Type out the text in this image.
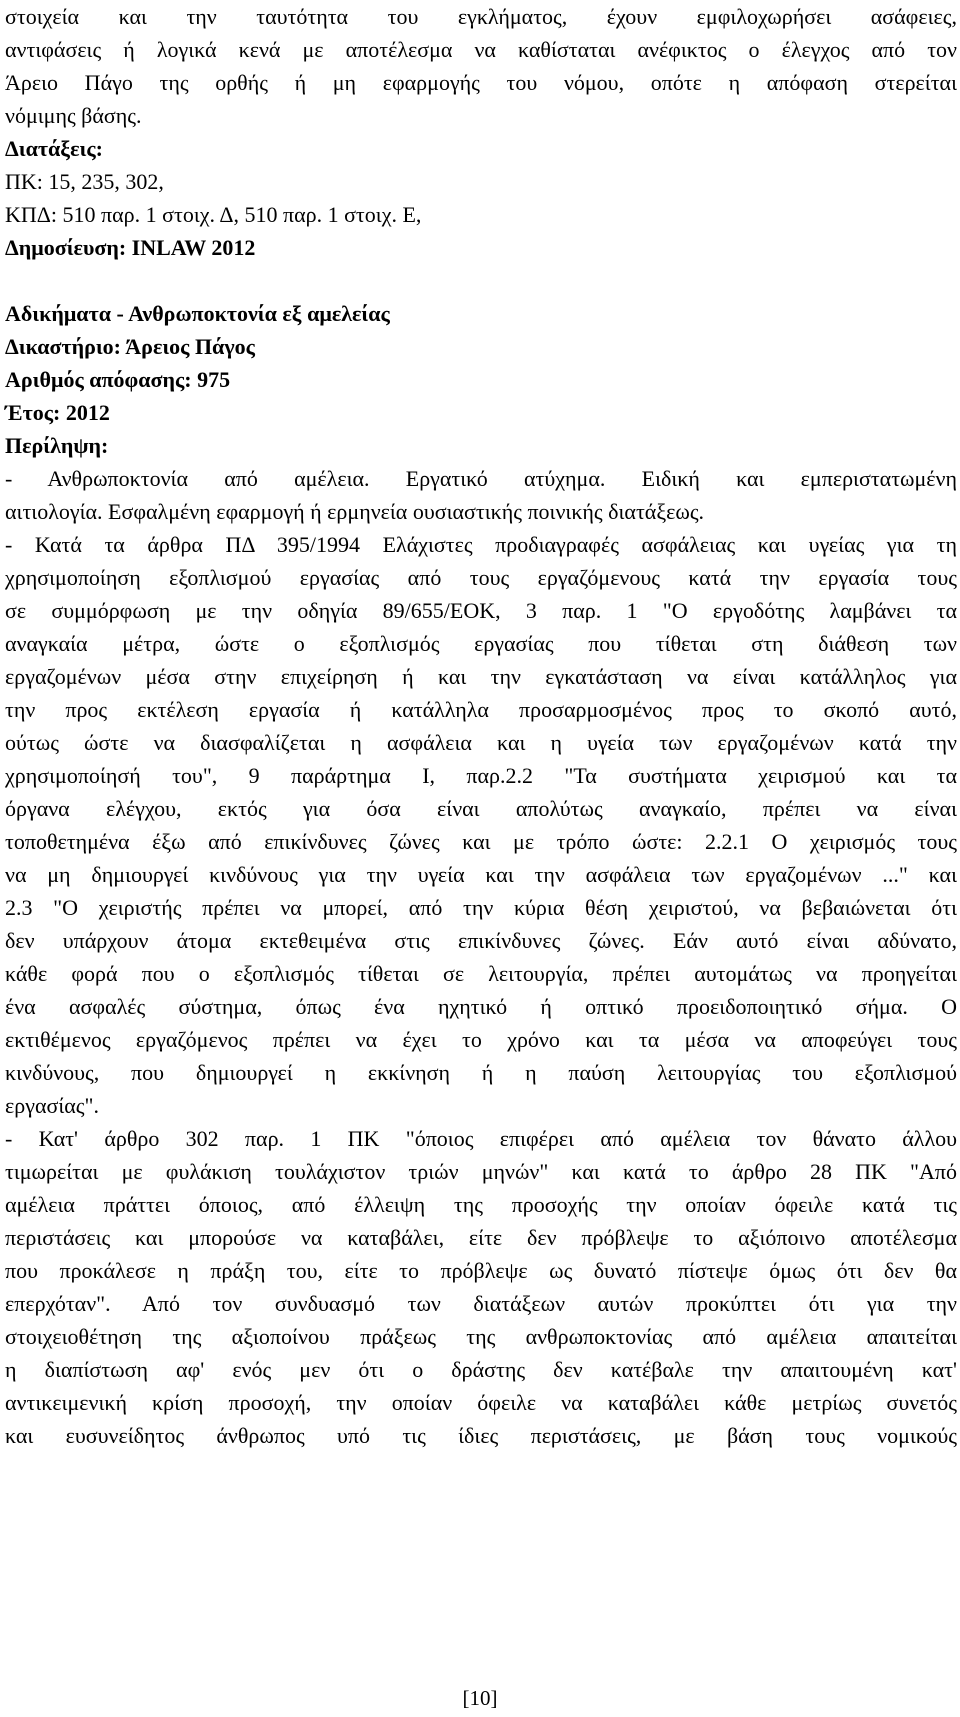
στοιχεία και την ταυτότητα του εγκλήματος, έχουν εμφιλοχωρήσει ασάφειες,

αντιφάσεις ή λογικά κενά με αποτέλεσμα να καθίσταται ανέφικτος ο έλεγχος από τον

Άρειο Πάγο της ορθής ή μη εφαρμογής του νόμου, οπότε η απόφαση στερείται

νόμιμης βάσης.

Διατάξεις:

ΠΚ: 15, 235, 302,

ΚΠΔ: 510 παρ. 1 στοιχ. Δ, 510 παρ. 1 στοιχ. Ε,

Δημοσίευση: INLAW 2012

Αδικήματα - Ανθρωποκτονία εξ αμελείας

Δικαστήριο: Άρειος Πάγος

Αριθμός απόφασης: 975

Έτος: 2012

Περίληψη:

- Ανθρωποκτονία από αμέλεια. Εργατικό ατύχημα. Ειδική και εμπεριστατωμένη

αιτιολογία. Εσφαλμένη εφαρμογή ή ερμηνεία ουσιαστικής ποινικής διατάξεως.

- Κατά τα άρθρα ΠΔ 395/1994 Ελάχιστες προδιαγραφές ασφάλειας και υγείας για τη

χρησιμοποίηση εξοπλισμού εργασίας από τους εργαζόμενους κατά την εργασία τους

σε συμμόρφωση με την οδηγία 89/655/ΕΟΚ, 3 παρ. 1 "Ο εργοδότης λαμβάνει τα

αναγκαία μέτρα, ώστε ο εξοπλισμός εργασίας που τίθεται στη διάθεση των

εργαζομένων μέσα στην επιχείρηση ή και την εγκατάσταση να είναι κατάλληλος για

την προς εκτέλεση εργασία ή κατάλληλα προσαρμοσμένος προς το σκοπό αυτό,

ούτως ώστε να διασφαλίζεται η ασφάλεια και η υγεία των εργαζομένων κατά την

χρησιμοποίησή του", 9 παράρτημα Ι, παρ.2.2 "Τα συστήματα χειρισμού και τα

όργανα ελέγχου, εκτός για όσα είναι απολύτως αναγκαίο, πρέπει να είναι

τοποθετημένα έξω από επικίνδυνες ζώνες και με τρόπο ώστε: 2.2.1 Ο χειρισμός τους

να μη δημιουργεί κινδύνους για την υγεία και την ασφάλεια των εργαζομένων ..." και

2.3 "Ο χειριστής πρέπει να μπορεί, από την κύρια θέση χειριστού, να βεβαιώνεται ότι

δεν υπάρχουν άτομα εκτεθειμένα στις επικίνδυνες ζώνες. Εάν αυτό είναι αδύνατο,

κάθε φορά που ο εξοπλισμός τίθεται σε λειτουργία, πρέπει αυτομάτως να προηγείται

ένα ασφαλές σύστημα, όπως ένα ηχητικό ή οπτικό προειδοποιητικό σήμα. Ο

εκτιθέμενος εργαζόμενος πρέπει να έχει το χρόνο και τα μέσα να αποφεύγει τους

κινδύνους, που δημιουργεί η εκκίνηση ή η παύση λειτουργίας του εξοπλισμού

εργασίας".

- Κατ' άρθρο 302 παρ. 1 ΠΚ "όποιος επιφέρει από αμέλεια τον θάνατο άλλου

τιμωρείται με φυλάκιση τουλάχιστον τριών μηνών" και κατά το άρθρο 28 ΠΚ "Από

αμέλεια πράττει όποιος, από έλλειψη της προσοχής την οποίαν όφειλε κατά τις

περιστάσεις και μπορούσε να καταβάλει, είτε δεν πρόβλεψε το αξιόποινο αποτέλεσμα

που προκάλεσε η πράξη του, είτε το πρόβλεψε ως δυνατό πίστεψε όμως ότι δεν θα

επερχόταν". Από τον συνδυασμό των διατάξεων αυτών προκύπτει ότι για την

στοιχειοθέτηση της αξιοποίνου πράξεως της ανθρωποκτονίας από αμέλεια απαιτείται

η διαπίστωση αφ' ενός μεν ότι ο δράστης δεν κατέβαλε την απαιτουμένη κατ'

αντικειμενική κρίση προσοχή, την οποίαν όφειλε να καταβάλει κάθε μετρίως συνετός

και ευσυνείδητος άνθρωπος υπό τις ίδιες περιστάσεις, με βάση τους νομικούς

[10]
